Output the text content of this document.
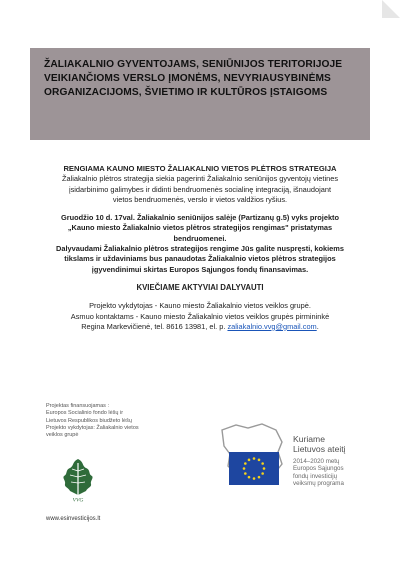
ŽALIAKALNIO GYVENTOJAMS, SENIŪNIJOS TERITORIJOJE VEIKIANČIOMS VERSLO ĮMONĖMS, NEVYRIAUSYBINĖMS ORGANIZACIJOMS, ŠVIETIMO IR KULTŪROS ĮSTAIGOMS

RENGIAMA KAUNO MIESTO ŽALIAKALNIO VIETOS PLĖTROS STRATEGIJA

Žaliakalnio plėtros strategija siekia pagerinti Žaliakalnio seniūnijos gyventojų vietines

įsidarbinimo galimybes ir didinti bendruomenės socialinę integraciją, išnaudojant

vietos bendruomenės, verslo ir vietos valdžios ryšius.

Gruodžio 10 d. 17val. Žaliakalnio seniūnijos salėje (Partizanų g.5) vyks projekto

„Kauno miesto Žaliakalnio vietos plėtros strategijos rengimas" pristatymas

bendruomenei.

Dalyvaudami Žaliakalnio plėtros strategijos rengime Jūs galite nuspręsti, kokiems

tikslams ir uždaviniams bus panaudotas Žaliakalnio vietos plėtros strategijos

įgyvendinimui skirtas Europos Sąjungos fondų finansavimas.

KVIEČIAME AKTYVIAI DALYVAUTI

Projekto vykdytojas - Kauno miesto Žaliakalnio vietos veiklos grupė.

Asmuo kontaktams - Kauno miesto Žaliakalnio vietos veiklos grupės pirmininkė

Regina Markevičienė, tel. 8616 13981, el. p. zaliakalnio.vvg@gmail.com.

Projektas finansuojamas :

Europos Socialinio fondo lėšų ir

Lietuvos Respublikos biudžeto lėšų

Projekto vykdytojas: Žaliakalnio vietos

veiklos grupė

VVG
www.esinvesticijos.lt

Kuriame

Lietuvos ateitį

2014–2020 metų

Europos Sąjungos

fondų investicijų

veiksmų programa
